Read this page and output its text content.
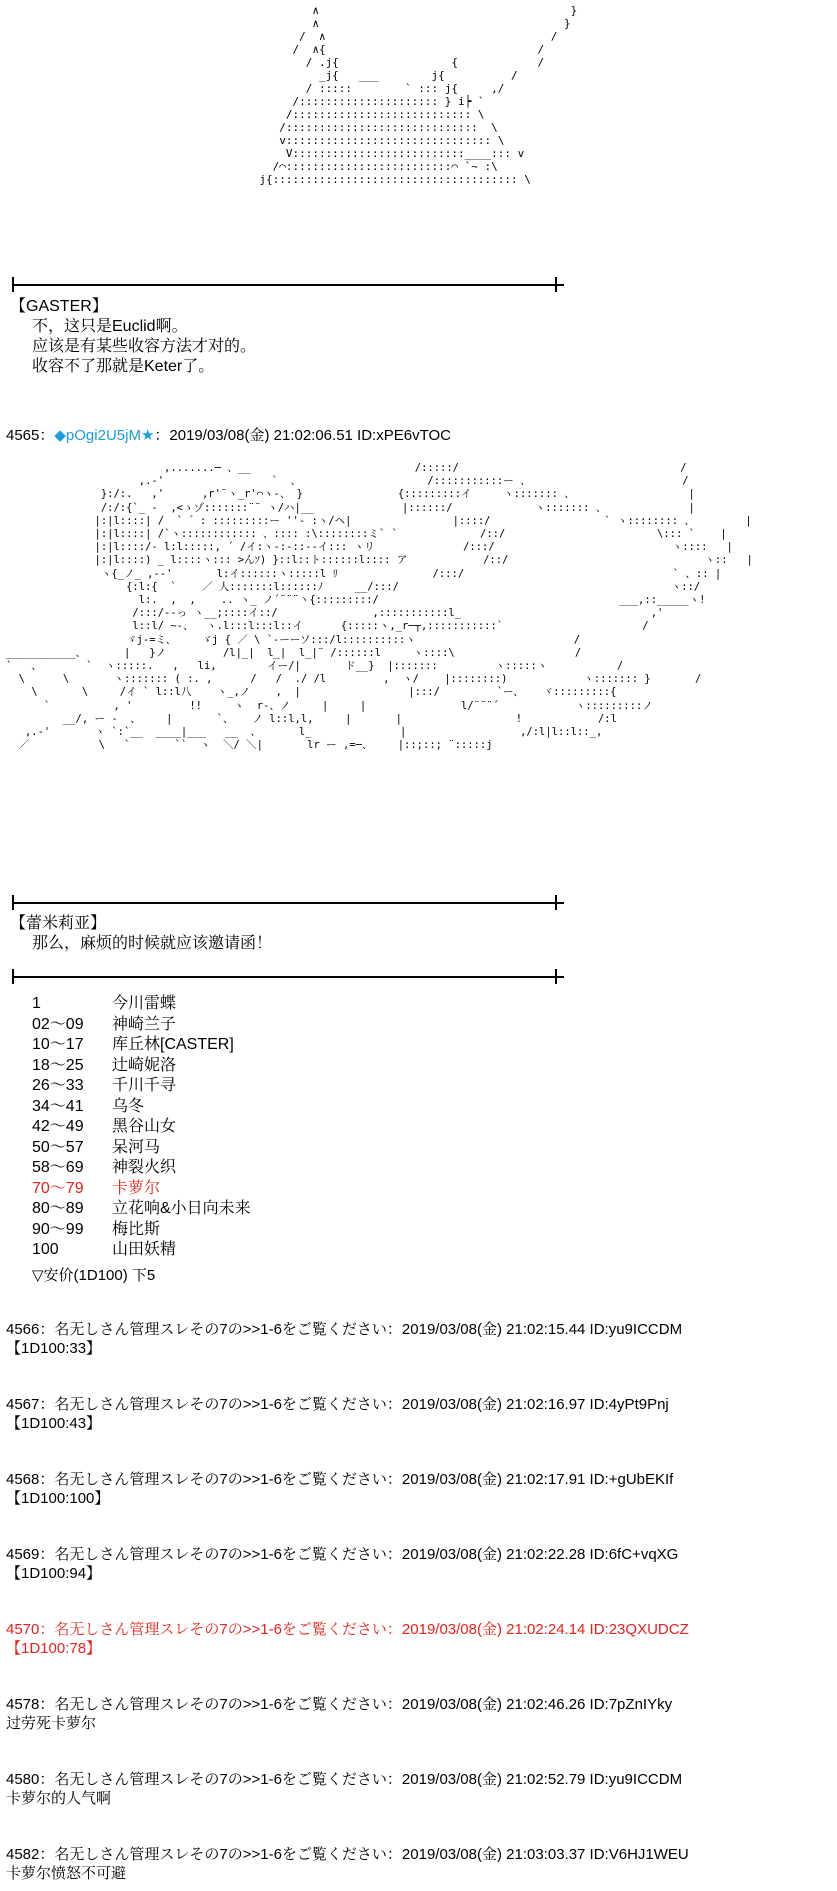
∧                                      }
∧                                     }
/  ∧                                  /
/  ∧{                                /
/ .j{                 {            /
_j{   ___        j{          /
/ :::::        ` ::: j{     ,/
/::::::::::::::::::::: } i┝ `
/::::::::::::::::::::::::::: \
/:::::::::::::::::::::::::::::  \
v::::::::::::::::::::::::::::::: \
V::::::::::::::::::::::::::____::: v
/⌒:::::::::::::::::::::::::⌒ `~ :\
j{::::::::::::::::::::::::::::::::::::: \
【GASTER】
不，这只是Euclid啊。
应该是有某些收容方法才对的。
收容不了那就是Keter了。
4565：◆pOgi2U5jM★：2019/03/08(金) 21:02:06.51 ID:xPE6vTOC
,.......─ 、__                          /:::::/                                   /
,.-'                 `  、                    /:::::::::::ー 、                        /
}:/:.   ,'      ,r'¨ヽ_r'⌒ヽ-、 }               {:::::::::イ     ヽ::::::: 、                  |
/:/:{`_ ‐  ,<ゝゾ:::::::¨¨ ヽ/ハ|__              |::::::/             ヽ::::::: 、             |
|:|l::::| /  ` ゛: :::::::::ー ''‐ :ヽ/ヘ|                |::::/                  ` ヽ:::::::: 、        |
|:|l::::| /`ヽ:::::::::::: 、:::: :\::::::::ミ` `             /::/                        \::: `    |
|:|l::::/‐ l:l:::::, ´ /イ:ヽ‐:-::-‐イ::: ヽリ              /:::/                            ヽ::::   |
|:|l::::) _ l::::ヽ::: >んｿ) }::l::ト::::::l:::: ア            /::/                               ヽ::   |
ヽ{_ノ_ ,--'       l:イ::::::ヽ:::::l ﾘ               /:::/                                 ` 、:: |
{:l:{  `    ／ 人:::::::l::::::ﾉ     __/:::/                                           ヽ::/
l:.  ,  ,    .. ヽ_ ノ´¨¨¨丶{:::::::::/                                      ___,::_____ヽ!
/:::/--っ ヽ__;::::イ::/               ,:::::::::::l_                              ,'
l::l/ ~-、  ヽ.l:::l:::l::イ      {:::::ヽ,_r─┬,:::::::::::`                      /
ゞj-=ミ、    ゞj { ／ \ `‐ーーソ:::/l::::::::::ヽ                         /
___________、      |   }ノ         /l|_|  l_|  l_|¨ /::::::l     ヽ::::\                   /
`   、       `  ヽ:::::.   ,   li,        イー/|       ド__}  |:::::::         ヽ:::::ヽ           /
\      \       ヽ::::::: ( :. ,      /   /  ./ /l         ,  ヽ/    |::::::::)            ヽ::::::: }       /
\       \     /イ ` l::l八    ヽ_,ノ    ,  |                 |:::/         `ー、   ヾ:::::::::{
`          , '         !!     ヽ  r-、ノ     |     |               l/¨¨¨´            ヽ:::::::::ノ
__/, ー -  、    |       `、   ノ l::l,l,     |       |                  !            /:l
,.-'       ヽ `:`__  ____|___   __  、      l_              |                  ,/:l|l::l::_,
／           \   `       ``  ヽ  ＼/ ＼|       lr ー ,=─、    |::;::; ¨:::::j
【蕾米莉亚】
那么，麻烦的时候就应该邀请函！
1	今川雷蝶
02～09	神崎兰子
10～17	库丘林[CASTER]
18～25	辻崎妮洛
26～33	千川千寻
34～41	乌冬
42～49	黑谷山女
50～57	呆河马
58～69	神裂火织
70～79	卡萝尔
80～89	立花响&小日向未来
90～99	梅比斯
100	山田妖精
▽安价(1D100) 下5
4566：名无しさん管理スレその7の>>1-6をご覧ください：2019/03/08(金) 21:02:15.44 ID:yu9ICCDM
【1D100:33】
4567：名无しさん管理スレその7の>>1-6をご覧ください：2019/03/08(金) 21:02:16.97 ID:4yPt9Pnj
【1D100:43】
4568：名无しさん管理スレその7の>>1-6をご覧ください：2019/03/08(金) 21:02:17.91 ID:+gUbEKIf
【1D100:100】
4569：名无しさん管理スレその7の>>1-6をご覧ください：2019/03/08(金) 21:02:22.28 ID:6fC+vqXG
【1D100:94】
4570：名无しさん管理スレその7の>>1-6をご覧ください：2019/03/08(金) 21:02:24.14 ID:23QXUDCZ
【1D100:78】
4578：名无しさん管理スレその7の>>1-6をご覧ください：2019/03/08(金) 21:02:46.26 ID:7pZnIYky
过劳死卡萝尔
4580：名无しさん管理スレその7の>>1-6をご覧ください：2019/03/08(金) 21:02:52.79 ID:yu9ICCDM
卡萝尔的人气啊
4582：名无しさん管理スレその7の>>1-6をご覧ください：2019/03/08(金) 21:03:03.37 ID:V6HJ1WEU
卡萝尔愤怒不可避
